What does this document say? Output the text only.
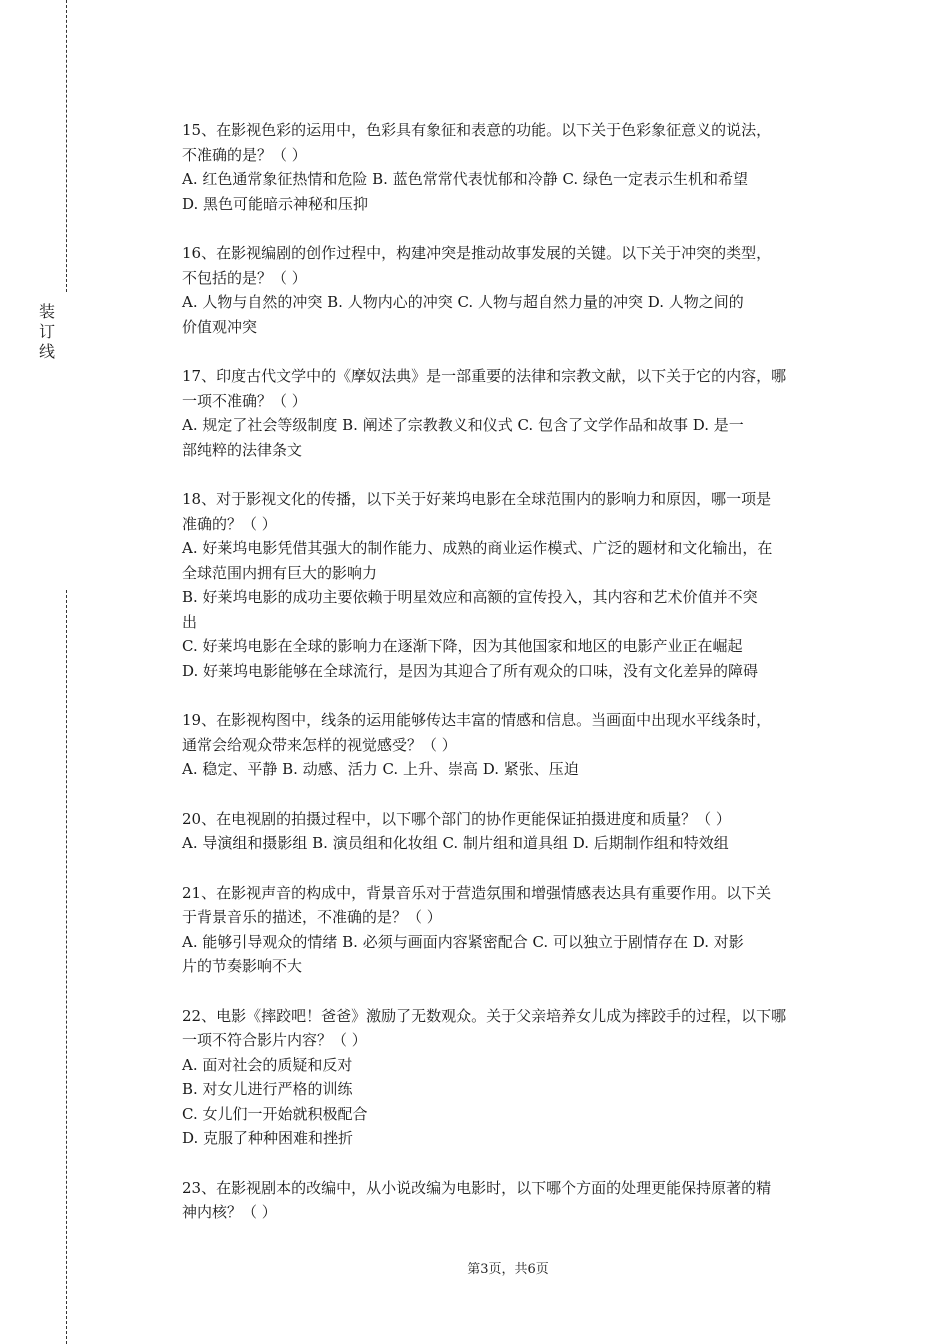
装
订
线

15、在影视色彩的运用中，色彩具有象征和表意的功能。以下关于色彩象征意义的说法，

不准确的是？（ ）

A. 红色通常象征热情和危险 B. 蓝色常常代表忧郁和冷静 C. 绿色一定表示生机和希望

D. 黑色可能暗示神秘和压抑

16、在影视编剧的创作过程中，构建冲突是推动故事发展的关键。以下关于冲突的类型，

不包括的是？（ ）

A. 人物与自然的冲突 B. 人物内心的冲突 C. 人物与超自然力量的冲突 D. 人物之间的

价值观冲突

17、印度古代文学中的《摩奴法典》是一部重要的法律和宗教文献，以下关于它的内容，哪

一项不准确？（ ）

A. 规定了社会等级制度 B. 阐述了宗教教义和仪式 C. 包含了文学作品和故事 D. 是一

部纯粹的法律条文

18、对于影视文化的传播，以下关于好莱坞电影在全球范围内的影响力和原因，哪一项是

准确的？（ ）

A. 好莱坞电影凭借其强大的制作能力、成熟的商业运作模式、广泛的题材和文化输出，在

全球范围内拥有巨大的影响力

B. 好莱坞电影的成功主要依赖于明星效应和高额的宣传投入，其内容和艺术价值并不突

出

C. 好莱坞电影在全球的影响力在逐渐下降，因为其他国家和地区的电影产业正在崛起

D. 好莱坞电影能够在全球流行，是因为其迎合了所有观众的口味，没有文化差异的障碍

19、在影视构图中，线条的运用能够传达丰富的情感和信息。当画面中出现水平线条时，

通常会给观众带来怎样的视觉感受？（ ）

A. 稳定、平静 B. 动感、活力 C. 上升、崇高 D. 紧张、压迫

20、在电视剧的拍摄过程中，以下哪个部门的协作更能保证拍摄进度和质量？（ ）

A. 导演组和摄影组 B. 演员组和化妆组 C. 制片组和道具组 D. 后期制作组和特效组

21、在影视声音的构成中，背景音乐对于营造氛围和增强情感表达具有重要作用。以下关

于背景音乐的描述，不准确的是？（ ）

A. 能够引导观众的情绪 B. 必须与画面内容紧密配合 C. 可以独立于剧情存在 D. 对影

片的节奏影响不大

22、电影《摔跤吧！爸爸》激励了无数观众。关于父亲培养女儿成为摔跤手的过程，以下哪

一项不符合影片内容？（ ）

A. 面对社会的质疑和反对

B. 对女儿进行严格的训练

C. 女儿们一开始就积极配合

D. 克服了种种困难和挫折

23、在影视剧本的改编中，从小说改编为电影时，以下哪个方面的处理更能保持原著的精

神内核？（ ）

第3页，共6页
